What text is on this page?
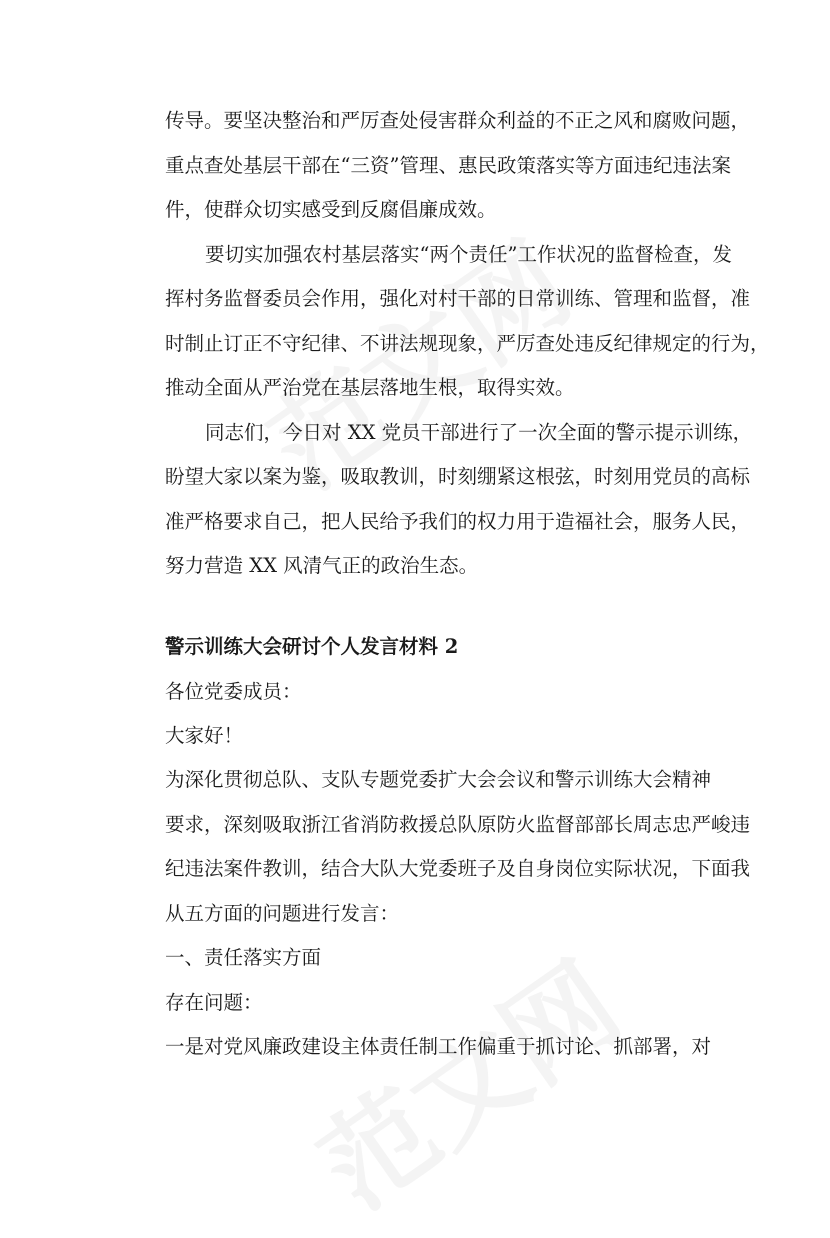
传导。要坚决整治和严厉查处侵害群众利益的不正之风和腐败问题，
重点查处基层干部在“三资”管理、惠民政策落实等方面违纪违法案
件，使群众切实感受到反腐倡廉成效。
要切实加强农村基层落实“两个责任”工作状况的监督检查，发
挥村务监督委员会作用，强化对村干部的日常训练、管理和监督，准
时制止订正不守纪律、不讲法规现象，严厉查处违反纪律规定的行为，
推动全面从严治党在基层落地生根，取得实效。
同志们，今日对 XX 党员干部进行了一次全面的警示提示训练，
盼望大家以案为鉴，吸取教训，时刻绷紧这根弦，时刻用党员的高标
准严格要求自己，把人民给予我们的权力用于造福社会，服务人民，
努力营造 XX 风清气正的政治生态。
警示训练大会研讨个人发言材料 2
各位党委成员：
大家好！
为深化贯彻总队、支队专题党委扩大会会议和警示训练大会精神
要求，深刻吸取浙江省消防救援总队原防火监督部部长周志忠严峻违
纪违法案件教训，结合大队大党委班子及自身岗位实际状况，下面我
从五方面的问题进行发言：
一、责任落实方面
存在问题：
一是对党风廉政建设主体责任制工作偏重于抓讨论、抓部署，对
